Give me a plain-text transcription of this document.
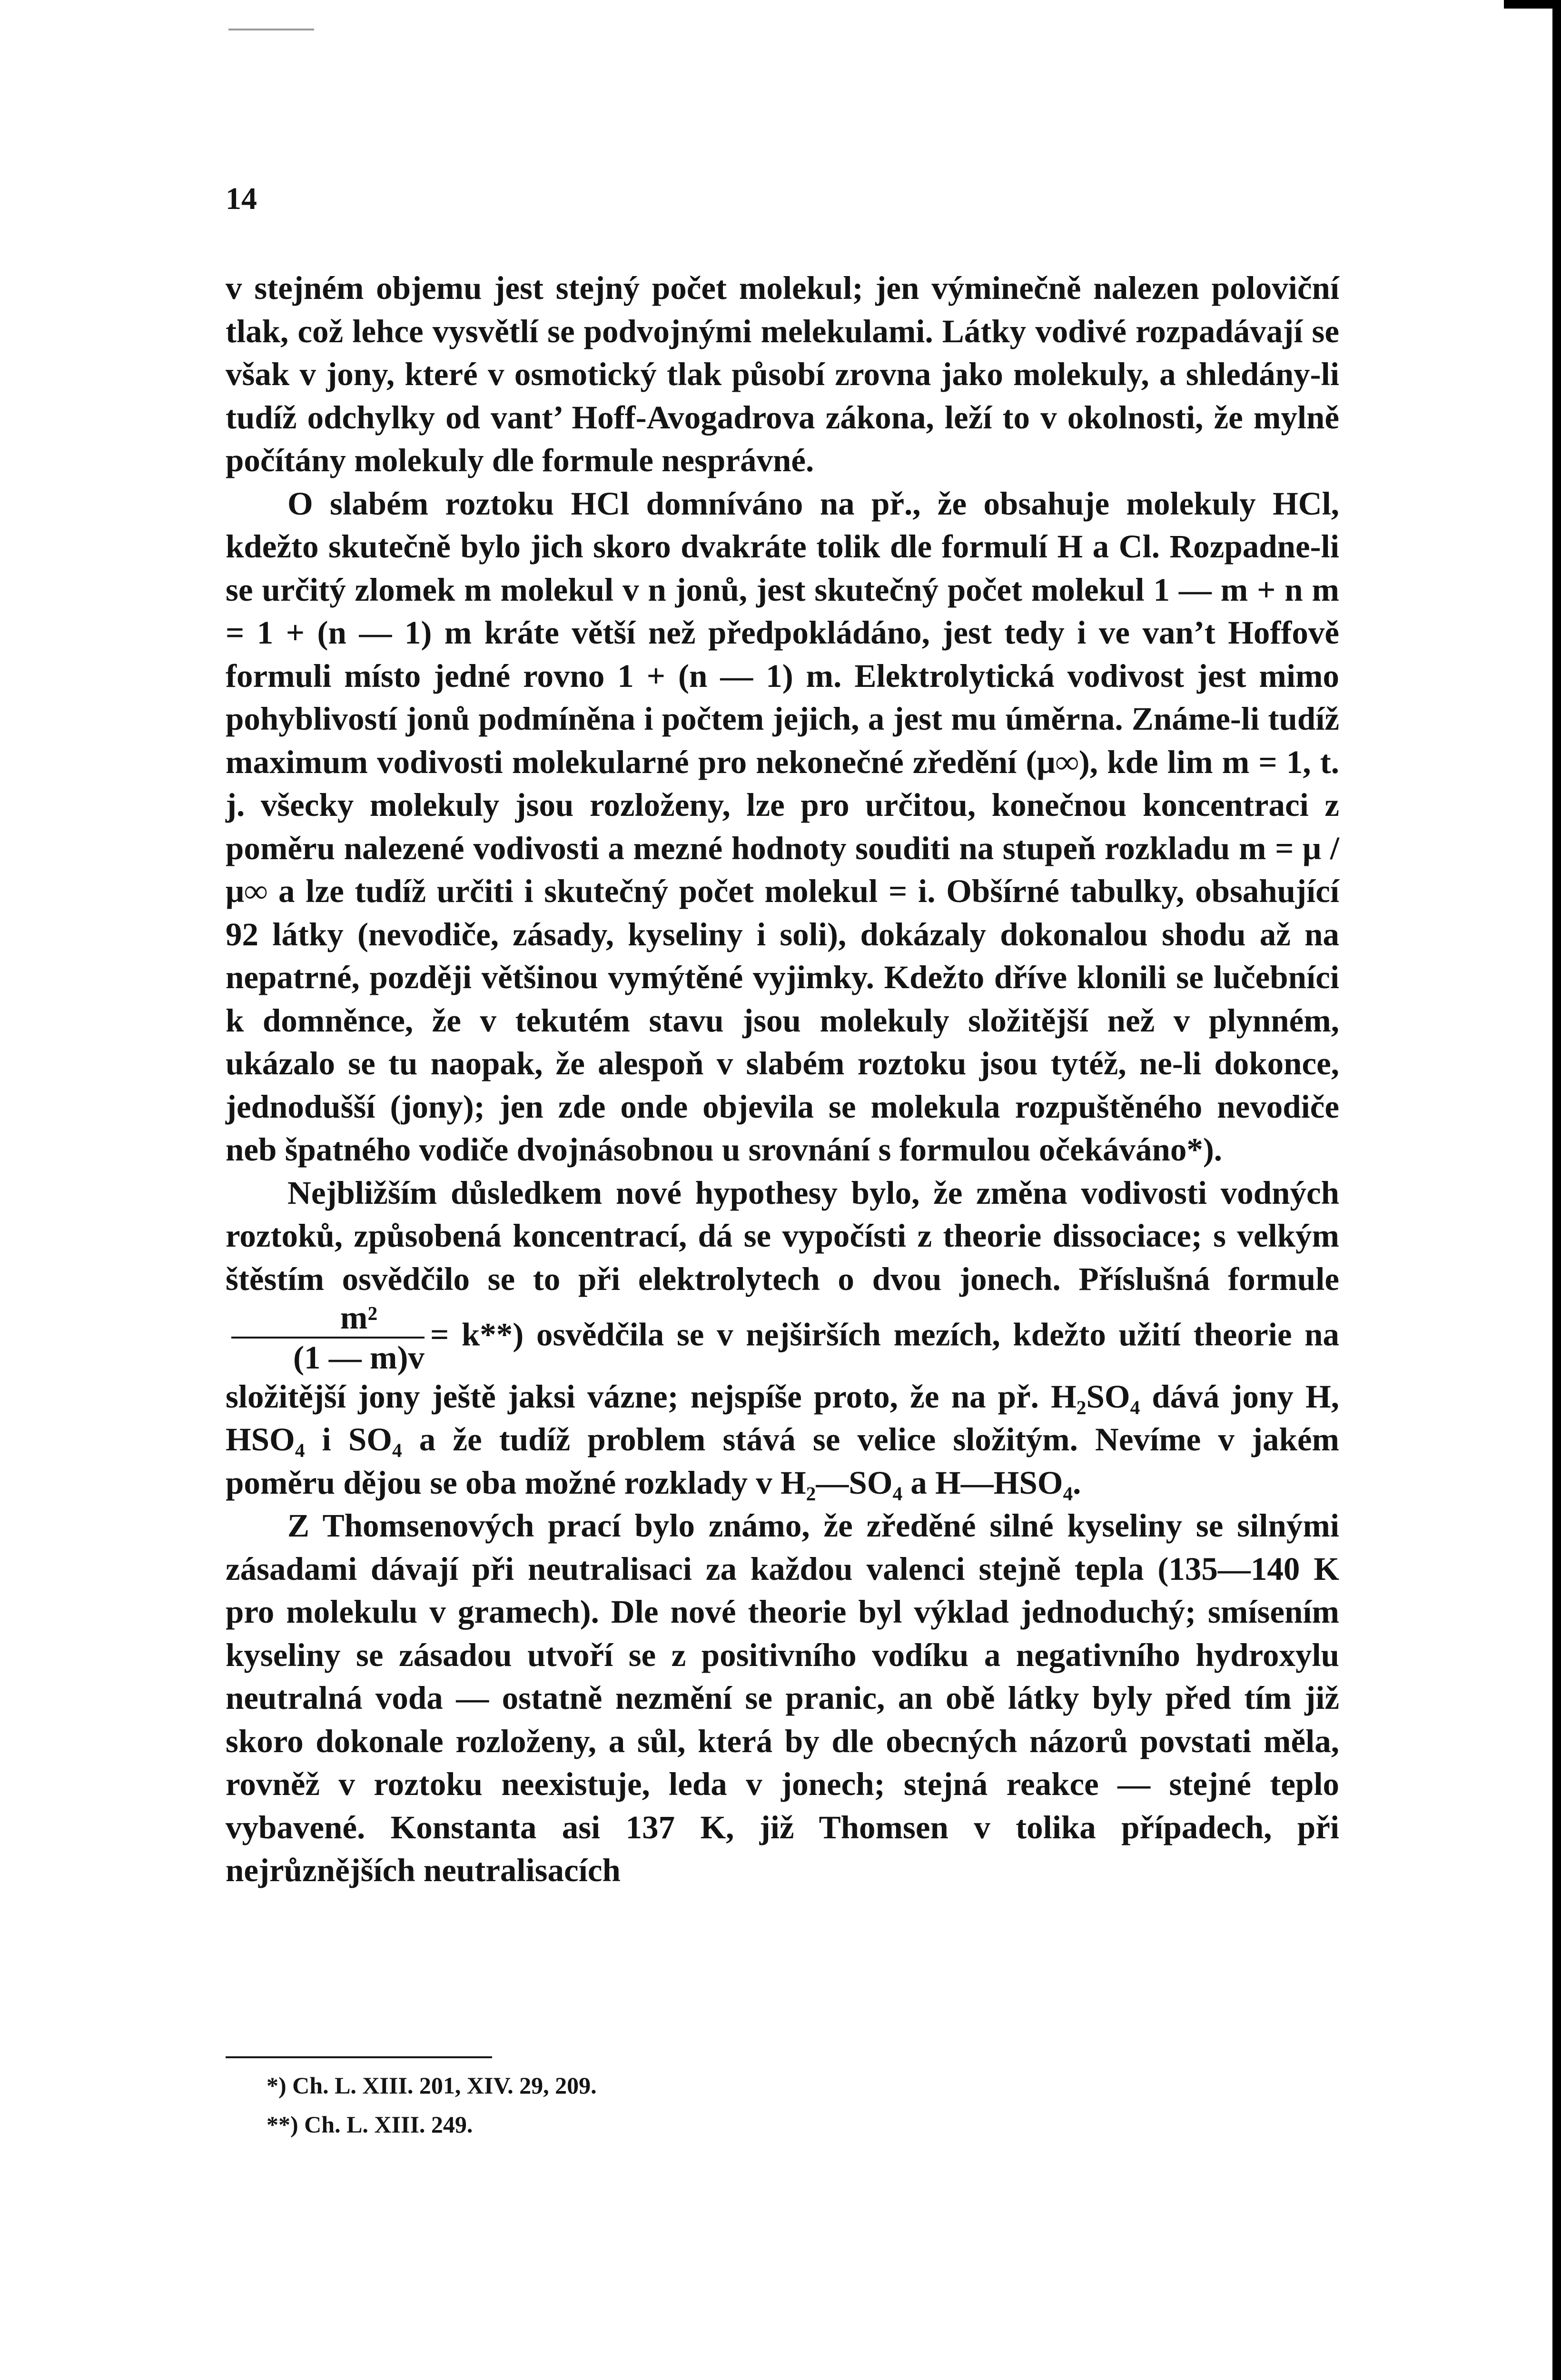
14

v stejném objemu jest stejný počet molekul; jen výminečně nalezen poloviční tlak, což lehce vysvětlí se podvojnými melekulami. Látky vodivé rozpadávají se však v jony, které v osmotický tlak působí zrovna jako molekuly, a shledány-li tudíž odchylky od vant’ Hoff-Avogadrova zákona, leží to v okolnosti, že mylně počítány molekuly dle formule nesprávné.

O slabém roztoku HCl domníváno na př., že obsahuje molekuly HCl, kdežto skutečně bylo jich skoro dvakráte tolik dle formulí H a Cl. Rozpadne-li se určitý zlomek m molekul v n jonů, jest skutečný počet molekul 1 — m + n m = 1 + (n — 1) m kráte větší než předpokládáno, jest tedy i ve van’t Hoffově formuli místo jedné rovno 1 + (n — 1) m. Elektrolytická vodivost jest mimo pohyblivostí jonů podmíněna i počtem jejich, a jest mu úměrna. Známe-li tudíž maximum vodivosti molekularné pro nekonečné zředění (μ∞), kde lim m = 1, t. j. všecky molekuly jsou rozloženy, lze pro určitou, konečnou koncentraci z poměru nalezené vodivosti a mezné hodnoty souditi na stupeň rozkladu m = μ / μ∞ a lze tudíž určiti i skutečný počet molekul = i. Obšírné tabulky, obsahující 92 látky (nevodiče, zásady, kyseliny i soli), dokázaly dokonalou shodu až na nepatrné, později většinou vymýtěné vyjimky. Kdežto dříve klonili se lučebníci k domněnce, že v tekutém stavu jsou molekuly složitější než v plynném, ukázalo se tu naopak, že alespoň v slabém roztoku jsou tytéž, ne-li dokonce, jednodušší (jony); jen zde onde objevila se molekula rozpuštěného nevodiče neb špatného vodiče dvojnásobnou u srovnání s formulou očekáváno*).

Nejbližším důsledkem nové hypothesy bylo, že změna vodivosti vodných roztoků, způsobená koncentrací, dá se vypočísti z theorie dissociace; s velkým štěstím osvědčilo se to při elektrolytech o dvou jonech. Příslušná formule
$\frac{\text{m²}}{(1 — m)v} = k**$) osvědčila se v nejširších mezích, kdežto užití theorie na složitější jony ještě jaksi vázne; nejspíše proto, že na př. H₂SO₄ dává jony H, HSO₄ i SO₄ a že tudíž problem stává se velice složitým. Nevíme v jakém poměru dějou se oba možné rozklady v H₂—SO₄ a H—HSO₄.

Z Thomsenových prací bylo známo, že zředěné silné kyseliny se silnými zásadami dávají při neutralisaci za každou valenci stejně tepla (135—140 K pro molekulu v gramech). Dle nové theorie byl výklad jednoduchý; smísením kyseliny se zásadou utvoří se z positivního vodíku a negativního hydroxylu neutralná voda — ostatně nezmění se pranic, an obě látky byly před tím již skoro dokonale rozloženy, a sůl, která by dle obecných názorů povstati měla, rovněž v roztoku neexistuje, leda v jonech; stejná reakce — stejné teplo vybavené. Konstanta asi 137 K, již Thomsen v tolika případech, při nejrůznějších neutralisacích

*) Ch. L. XIII. 201, XIV. 29, 209.
**) Ch. L. XIII. 249.
